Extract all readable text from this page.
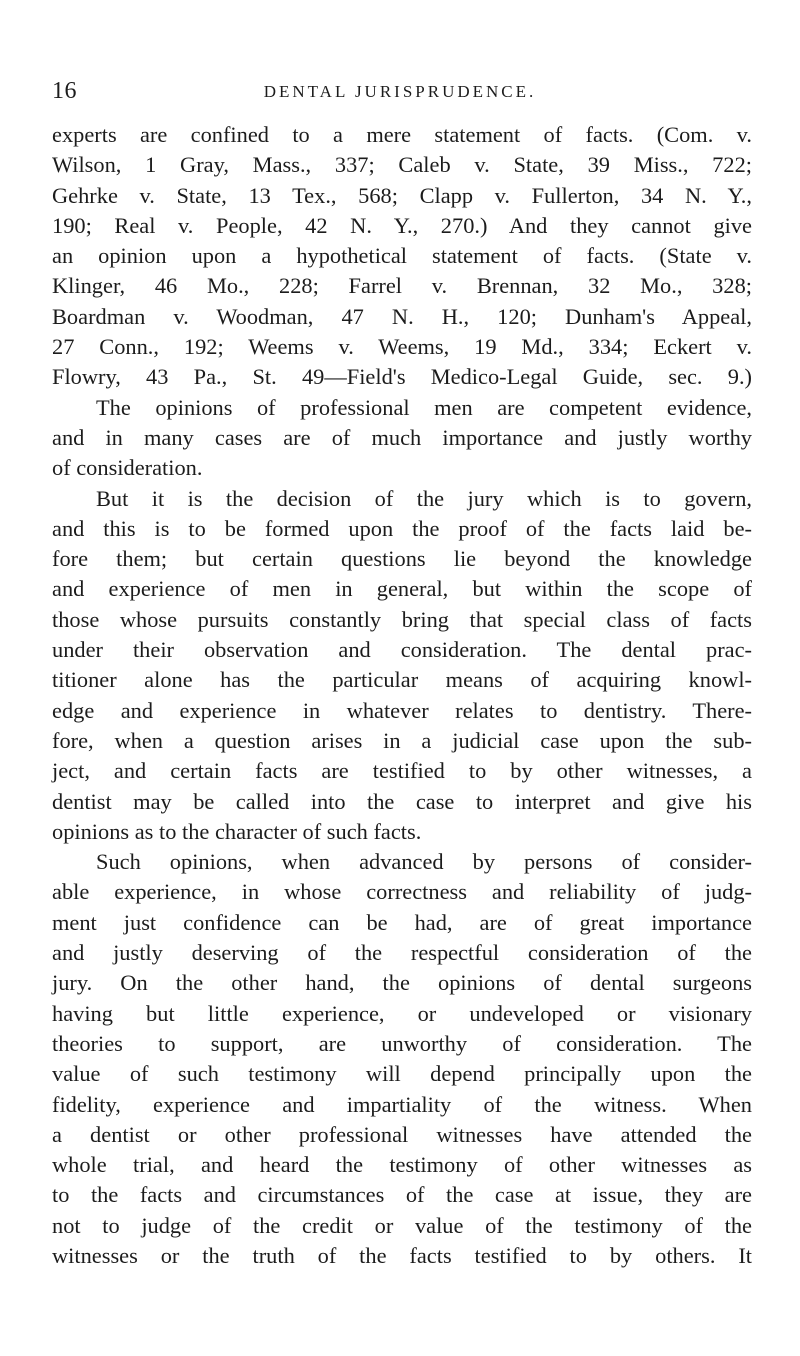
16	DENTAL JURISPRUDENCE.

experts are confined to a mere statement of facts. (Com. v.

Wilson, 1 Gray, Mass., 337; Caleb v. State, 39 Miss., 722;

Gehrke v. State, 13 Tex., 568; Clapp v. Fullerton, 34 N. Y.,

190; Real v. People, 42 N. Y., 270.) And they cannot give

an opinion upon a hypothetical statement of facts. (State v.

Klinger, 46 Mo., 228; Farrel v. Brennan, 32 Mo., 328;

Boardman v. Woodman, 47 N. H., 120; Dunham's Appeal,

27 Conn., 192; Weems v. Weems, 19 Md., 334; Eckert v.

Flowry, 43 Pa., St. 49—Field's Medico-Legal Guide, sec. 9.)

The opinions of professional men are competent evidence,

and in many cases are of much importance and justly worthy

of consideration.

But it is the decision of the jury which is to govern,

and this is to be formed upon the proof of the facts laid be-

fore them; but certain questions lie beyond the knowledge

and experience of men in general, but within the scope of

those whose pursuits constantly bring that special class of facts

under their observation and consideration. The dental prac-

titioner alone has the particular means of acquiring knowl-

edge and experience in whatever relates to dentistry. There-

fore, when a question arises in a judicial case upon the sub-

ject, and certain facts are testified to by other witnesses, a

dentist may be called into the case to interpret and give his

opinions as to the character of such facts.

Such opinions, when advanced by persons of consider-

able experience, in whose correctness and reliability of judg-

ment just confidence can be had, are of great importance

and justly deserving of the respectful consideration of the

jury. On the other hand, the opinions of dental surgeons

having but little experience, or undeveloped or visionary

theories to support, are unworthy of consideration. The

value of such testimony will depend principally upon the

fidelity, experience and impartiality of the witness. When

a dentist or other professional witnesses have attended the

whole trial, and heard the testimony of other witnesses as

to the facts and circumstances of the case at issue, they are

not to judge of the credit or value of the testimony of the

witnesses or the truth of the facts testified to by others. It
